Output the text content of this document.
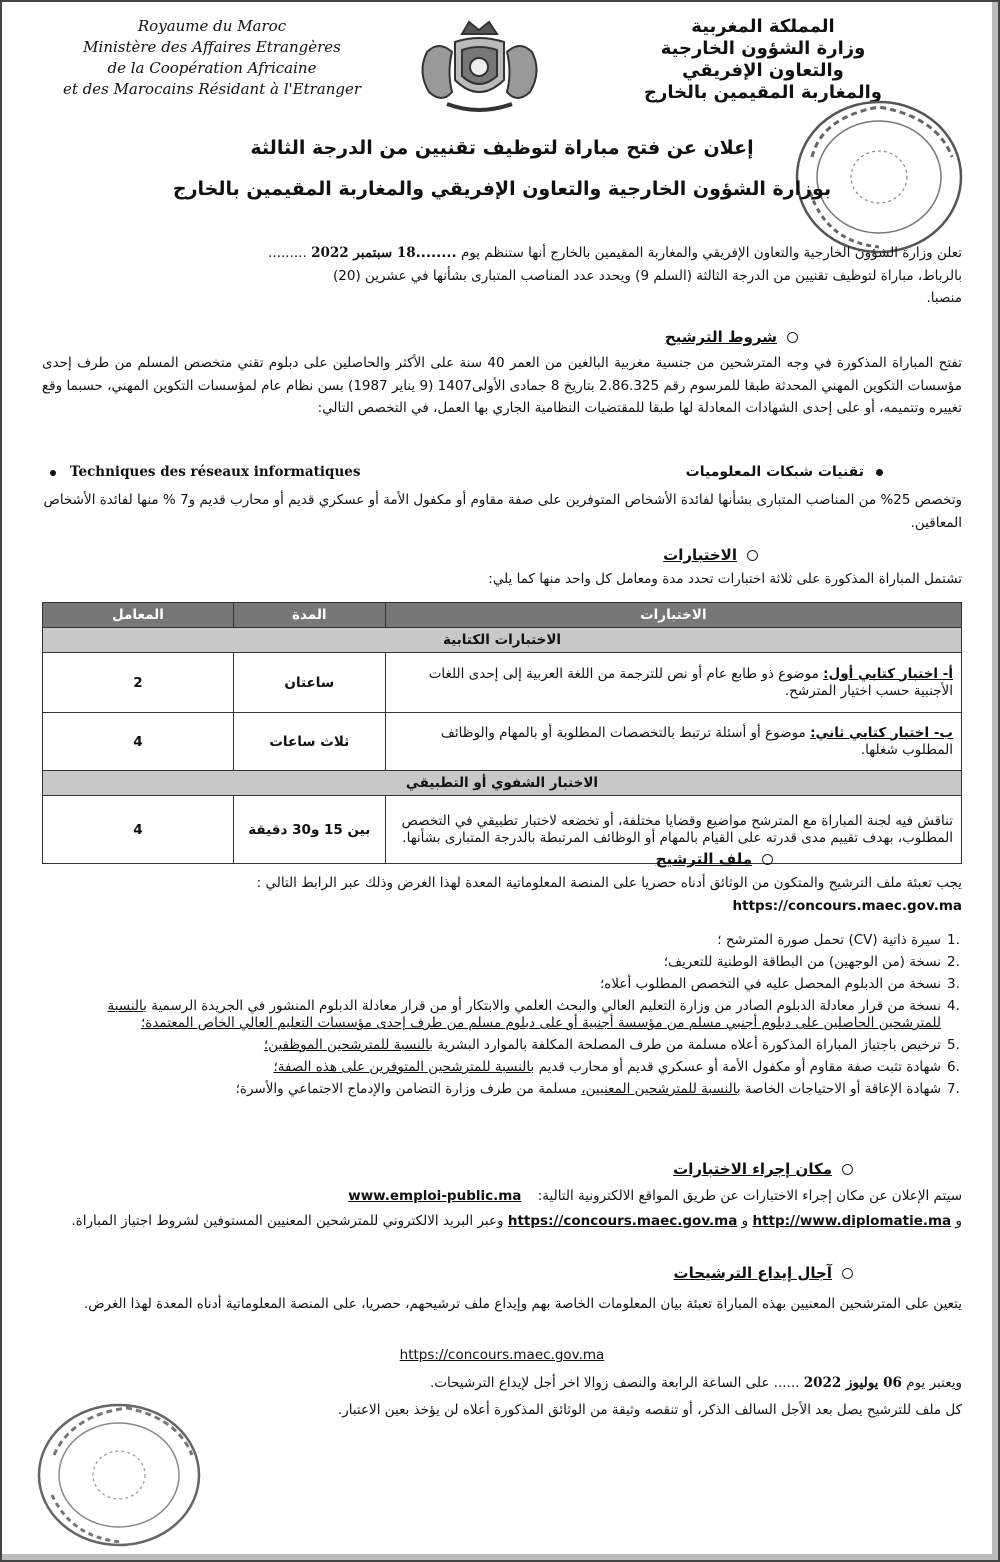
Royaume du Maroc
Ministère des Affaires Etrangères
de la Coopération Africaine
et des Marocains Résidant à l'Etranger
المملكة المغربية
وزارة الشؤون الخارجية
والتعاون الإفريقي
والمغاربة المقيمين بالخارج
إعلان عن فتح مباراة لتوظيف تقنيين من الدرجة الثالثة
بوزارة الشؤون الخارجية والتعاون الإفريقي والمغاربة المقيمين بالخارج
تعلن وزارة الشؤون الخارجية والتعاون الإفريقي والمغاربة المقيمين بالخارج أنها ستنظم يوم ........18 سبتمبر 2022 .........
بالرباط، مباراة لتوظيف تقنيين من الدرجة الثالثة (السلم 9) ويحدد عدد المناصب المتبارى بشأنها في عشرين (20)
منصبا.
شروط الترشيح
تفتح المباراة المذكورة في وجه المترشحين من جنسية مغربية البالغين من العمر 40 سنة على الأكثر والحاصلين على دبلوم تقني متخصص المسلم من طرف إحدى مؤسسات التكوين المهني المحدثة طبقا للمرسوم رقم 2.86.325 بتاريخ 8 جمادى الأولى1407 (9 يناير 1987) بسن نظام عام لمؤسسات التكوين المهني، حسبما وقع تغييره وتتميمه، أو على إحدى الشهادات المعادلة لها طبقا للمقتضيات النظامية الجاري بها العمل، في التخصص التالي:
تقنيات شبكات المعلوميات
Techniques des réseaux informatiques
وتخصص 25% من المناصب المتبارى بشأنها لفائدة الأشخاص المتوفرين على صفة مقاوم أو مكفول الأمة أو عسكري قديم أو محارب قديم و7 % منها لفائدة الأشخاص المعاقين.
الاختبارات
تشتمل المباراة المذكورة على ثلاثة اختبارات تحدد مدة ومعامل كل واحد منها كما يلي:
الاختبارات	المدة	المعامل
الاختبارات الكتابية		
أ- اختبار كتابي أول: موضوع ذو طابع عام أو نص للترجمة من اللغة العربية إلى إحدى اللغات الأجنبية حسب اختيار المترشح.	ساعتان	2
ب- اختبار كتابي ثاني: موضوع أو أسئلة ترتبط بالتخصصات المطلوبة أو بالمهام والوظائف المطلوب شغلها.	ثلاث ساعات	4
الاختبار الشفوي أو التطبيقي		
تناقش فيه لجنة المباراة مع المترشح مواضيع وقضايا مختلفة، أو تخضعه لاختبار تطبيقي في التخصص المطلوب، بهدف تقييم مدى قدرته على القيام بالمهام أو الوظائف المرتبطة بالدرجة المتبارى بشأنها.	بين 15 و30 دقيقة	4
ملف الترشيح
يجب تعبئة ملف الترشيح والمتكون من الوثائق أدناه حصريا على المنصة المعلوماتية المعدة لهذا الغرض وذلك عبر الرابط التالي : https://concours.maec.gov.ma
1.
سيرة ذاتية (CV) تحمل صورة المترشح ؛
2.
نسخة (من الوجهين) من البطاقة الوطنية للتعريف؛
3.
نسخة من الدبلوم المحصل عليه في التخصص المطلوب أعلاه؛
4.
نسخة من قرار معادلة الدبلوم الصادر من وزارة التعليم العالي والبحث العلمي والابتكار أو من قرار معادلة الدبلوم المنشور في الجريدة الرسمية بالنسبة للمترشحين الحاصلين على دبلوم أجنبي مسلم من مؤسسة أجنبية أو على دبلوم مسلم من طرف إحدى مؤسسات التعليم العالي الخاص المعتمدة؛
5.
ترخيص باجتياز المباراة المذكورة أعلاه مسلمة من طرف المصلحة المكلفة بالموارد البشرية بالنسبة للمترشحين الموظفين؛
6.
شهادة تثبت صفة مقاوم أو مكفول الأمة أو عسكري قديم أو محارب قديم بالنسبة للمترشحين المتوفرين على هذه الصفة؛
7.
شهادة الإعاقة أو الاحتياجات الخاصة بالنسبة للمترشحين المعنيين، مسلمة من طرف وزارة التضامن والإدماج الاجتماعي والأسرة؛
مكان إجراء الاختبارات
سيتم الإعلان عن مكان إجراء الاختبارات عن طريق المواقع الالكترونية التالية: www.emploi-public.ma
و http://www.diplomatie.ma و https://concours.maec.gov.ma وعبر البريد الالكتروني للمترشحين المعنيين المستوفين لشروط اجتياز المباراة.
آجال إيداع الترشيحات
يتعين على المترشحين المعنيين بهذه المباراة تعبئة بيان المعلومات الخاصة بهم وإيداع ملف ترشيحهم، حصريا، على المنصة المعلوماتية أدناه المعدة لهذا الغرض.
https://concours.maec.gov.ma
ويعتبر يوم 06 يوليوز 2022 ...... على الساعة الرابعة والنصف زوالا اخر أجل لإيداع الترشيحات.
كل ملف للترشيح يصل بعد الأجل السالف الذكر، أو تنقصه وثيقة من الوثائق المذكورة أعلاه لن يؤخذ بعين الاعتبار.
